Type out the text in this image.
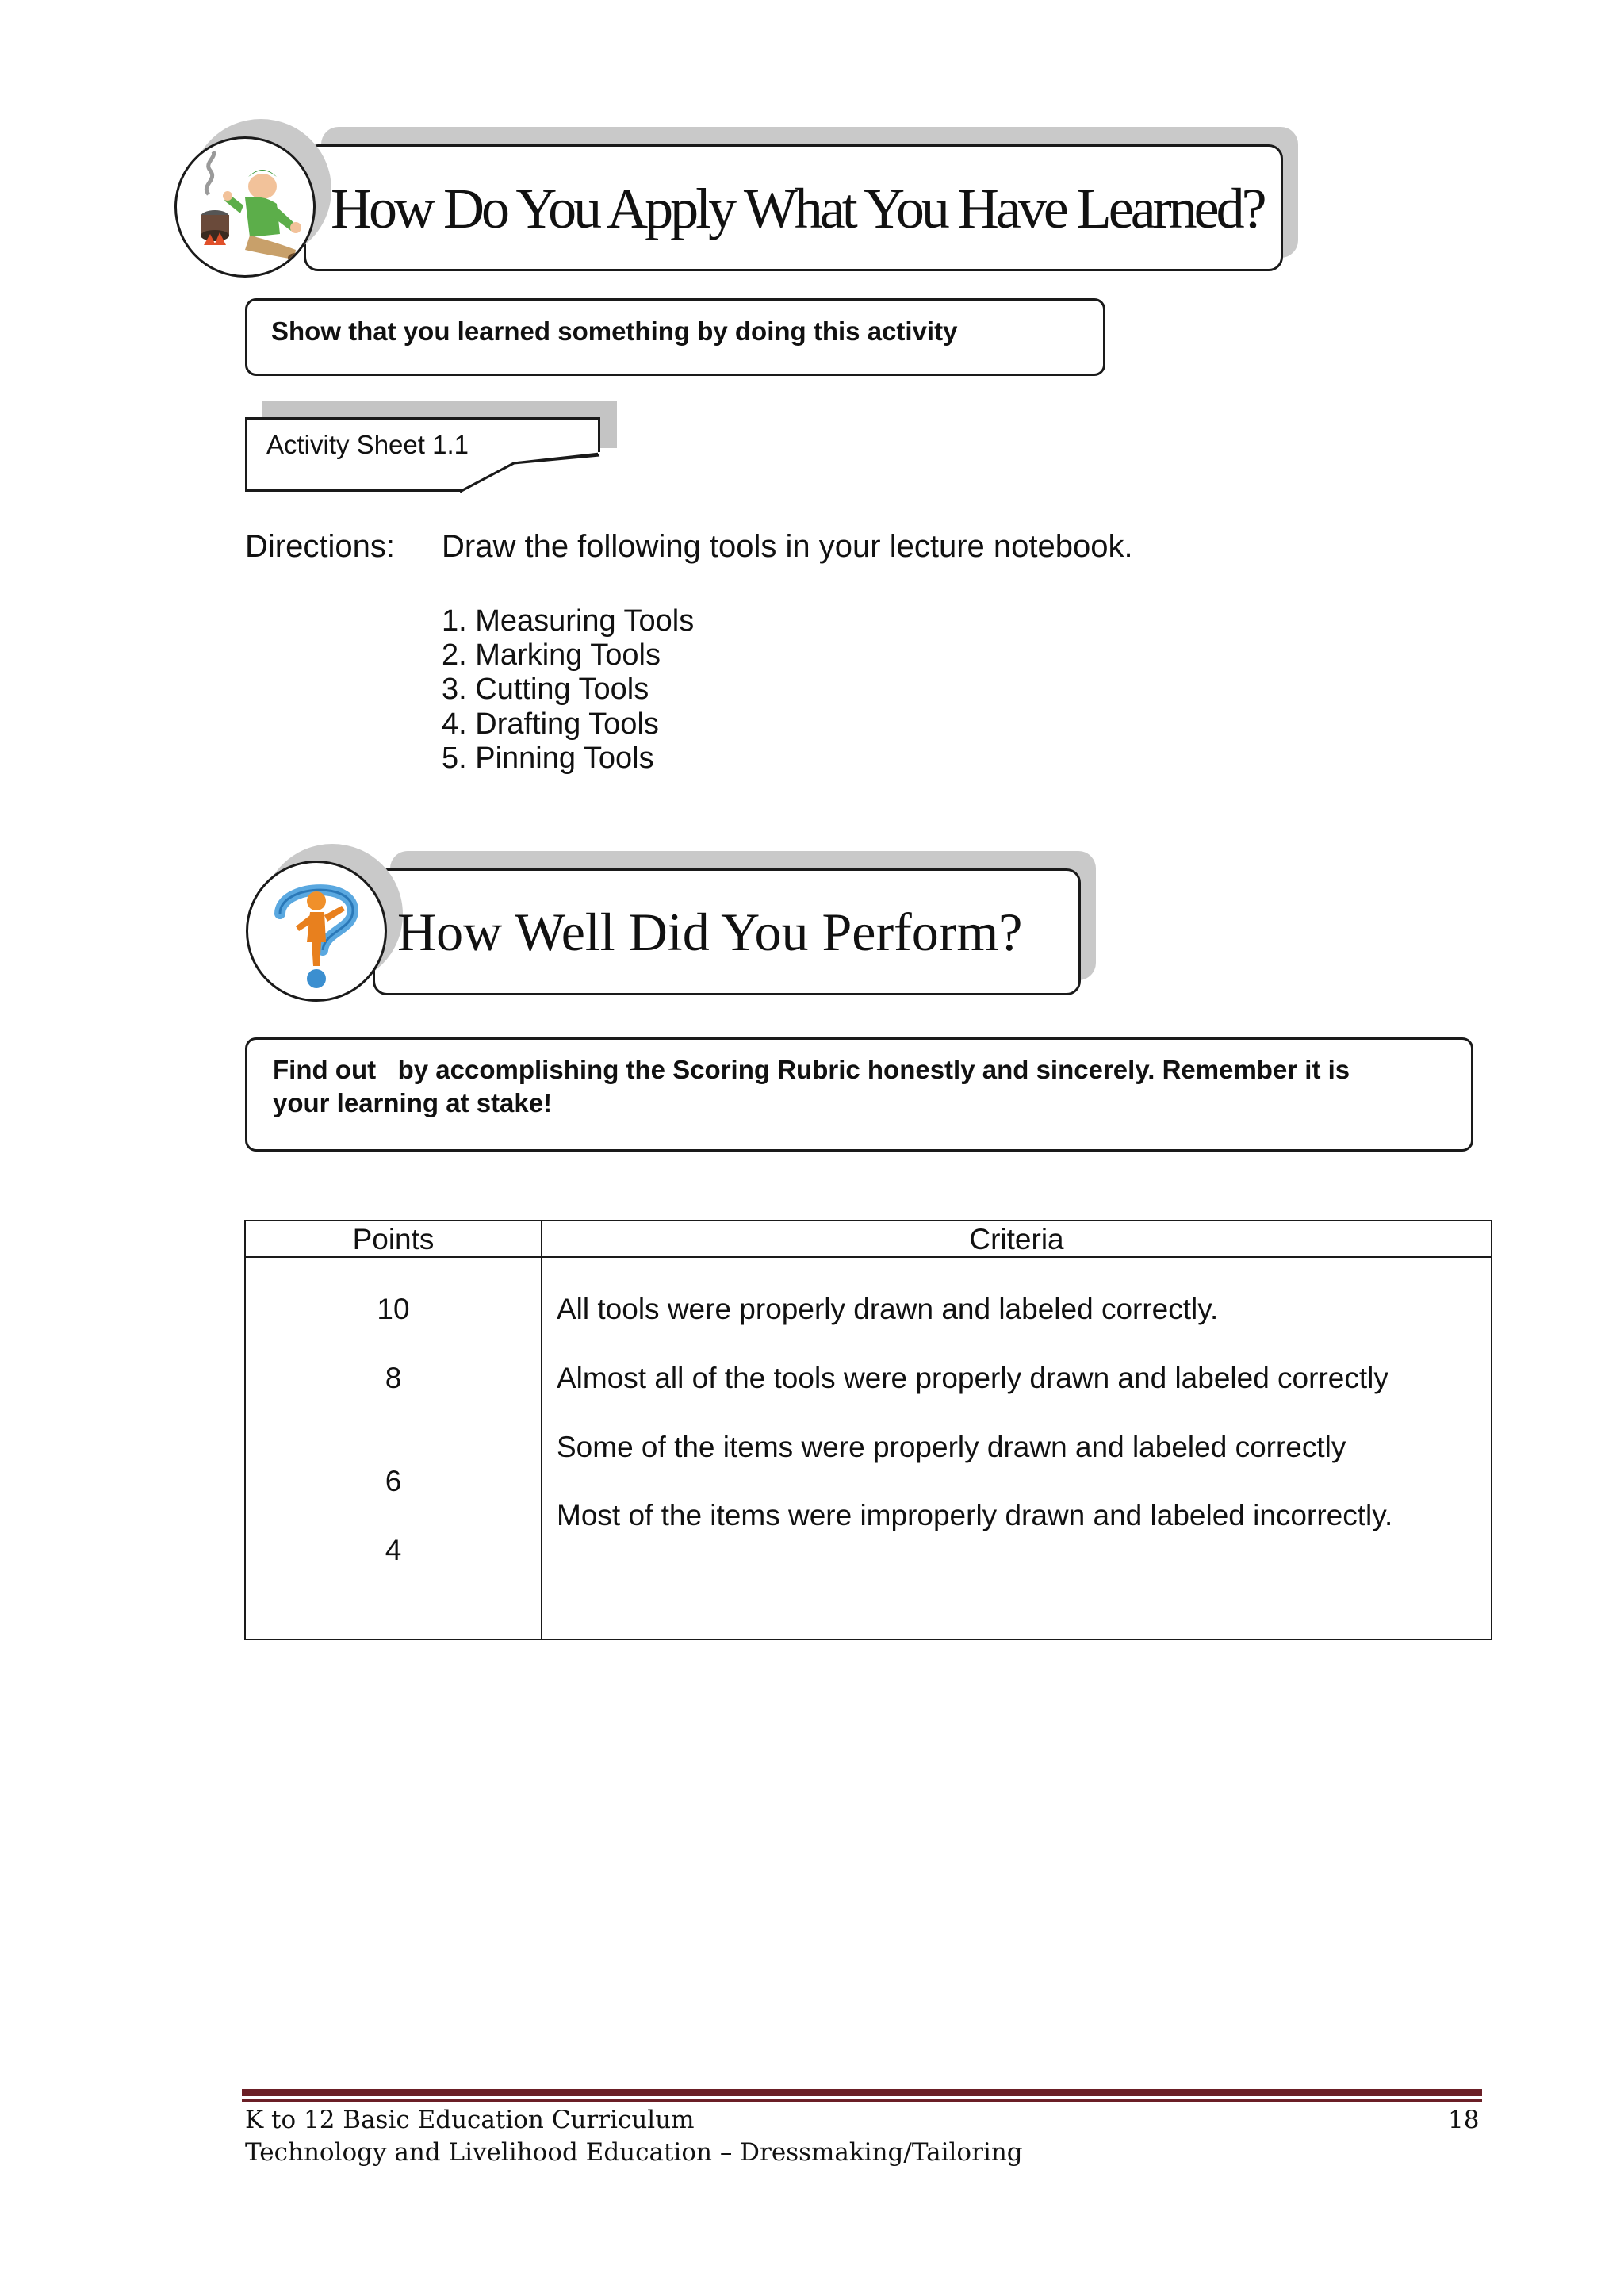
How Do You Apply What You Have Learned?
Show that you learned something by doing this activity
Activity Sheet 1.1
Directions: Draw the following tools in your lecture notebook.
1. Measuring Tools
2. Marking Tools
3. Cutting Tools
4. Drafting Tools
5. Pinning Tools
How Well Did You Perform?
Find out   by accomplishing the Scoring Rubric honestly and sincerely. Remember it is
your learning at stake!
Points	Criteria
10
8
6
4
All tools were properly drawn and labeled correctly.
Almost all of the tools were properly drawn and labeled correctly
Some of the items were properly drawn and labeled correctly
Most of the items were improperly drawn and labeled incorrectly.
K to 12 Basic Education Curriculum
Technology and Livelihood Education – Dressmaking/Tailoring
18
